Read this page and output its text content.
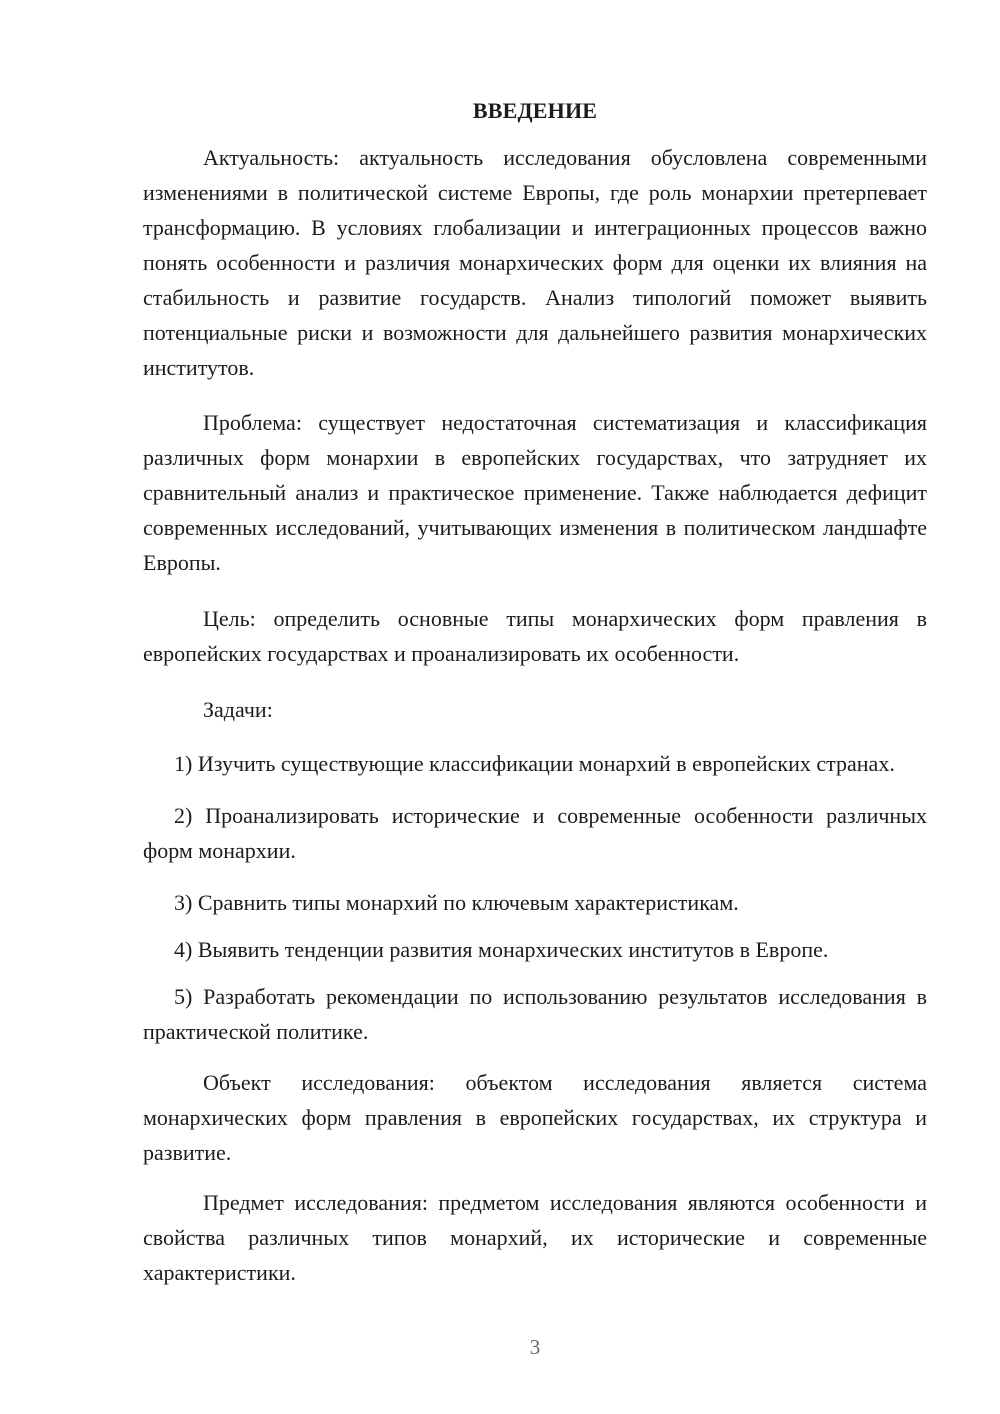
ВВЕДЕНИЕ

Актуальность: актуальность исследования обусловлена современными изменениями в политической системе Европы, где роль монархии претерпевает трансформацию. В условиях глобализации и интеграционных процессов важно понять особенности и различия монархических форм для оценки их влияния на стабильность и развитие государств. Анализ типологий поможет выявить потенциальные риски и возможности для дальнейшего развития монархических институтов.

Проблема: существует недостаточная систематизация и классификация различных форм монархии в европейских государствах, что затрудняет их сравнительный анализ и практическое применение. Также наблюдается дефицит современных исследований, учитывающих изменения в политическом ландшафте Европы.

Цель: определить основные типы монархических форм правления в европейских государствах и проанализировать их особенности.

Задачи:

1) Изучить существующие классификации монархий в европейских странах.

2) Проанализировать исторические и современные особенности различных форм монархии.

3) Сравнить типы монархий по ключевым характеристикам.

4) Выявить тенденции развития монархических институтов в Европе.

5) Разработать рекомендации по использованию результатов исследования в практической политике.

Объект исследования: объектом исследования является система монархических форм правления в европейских государствах, их структура и развитие.

Предмет исследования: предметом исследования являются особенности и свойства различных типов монархий, их исторические и современные характеристики.

3
